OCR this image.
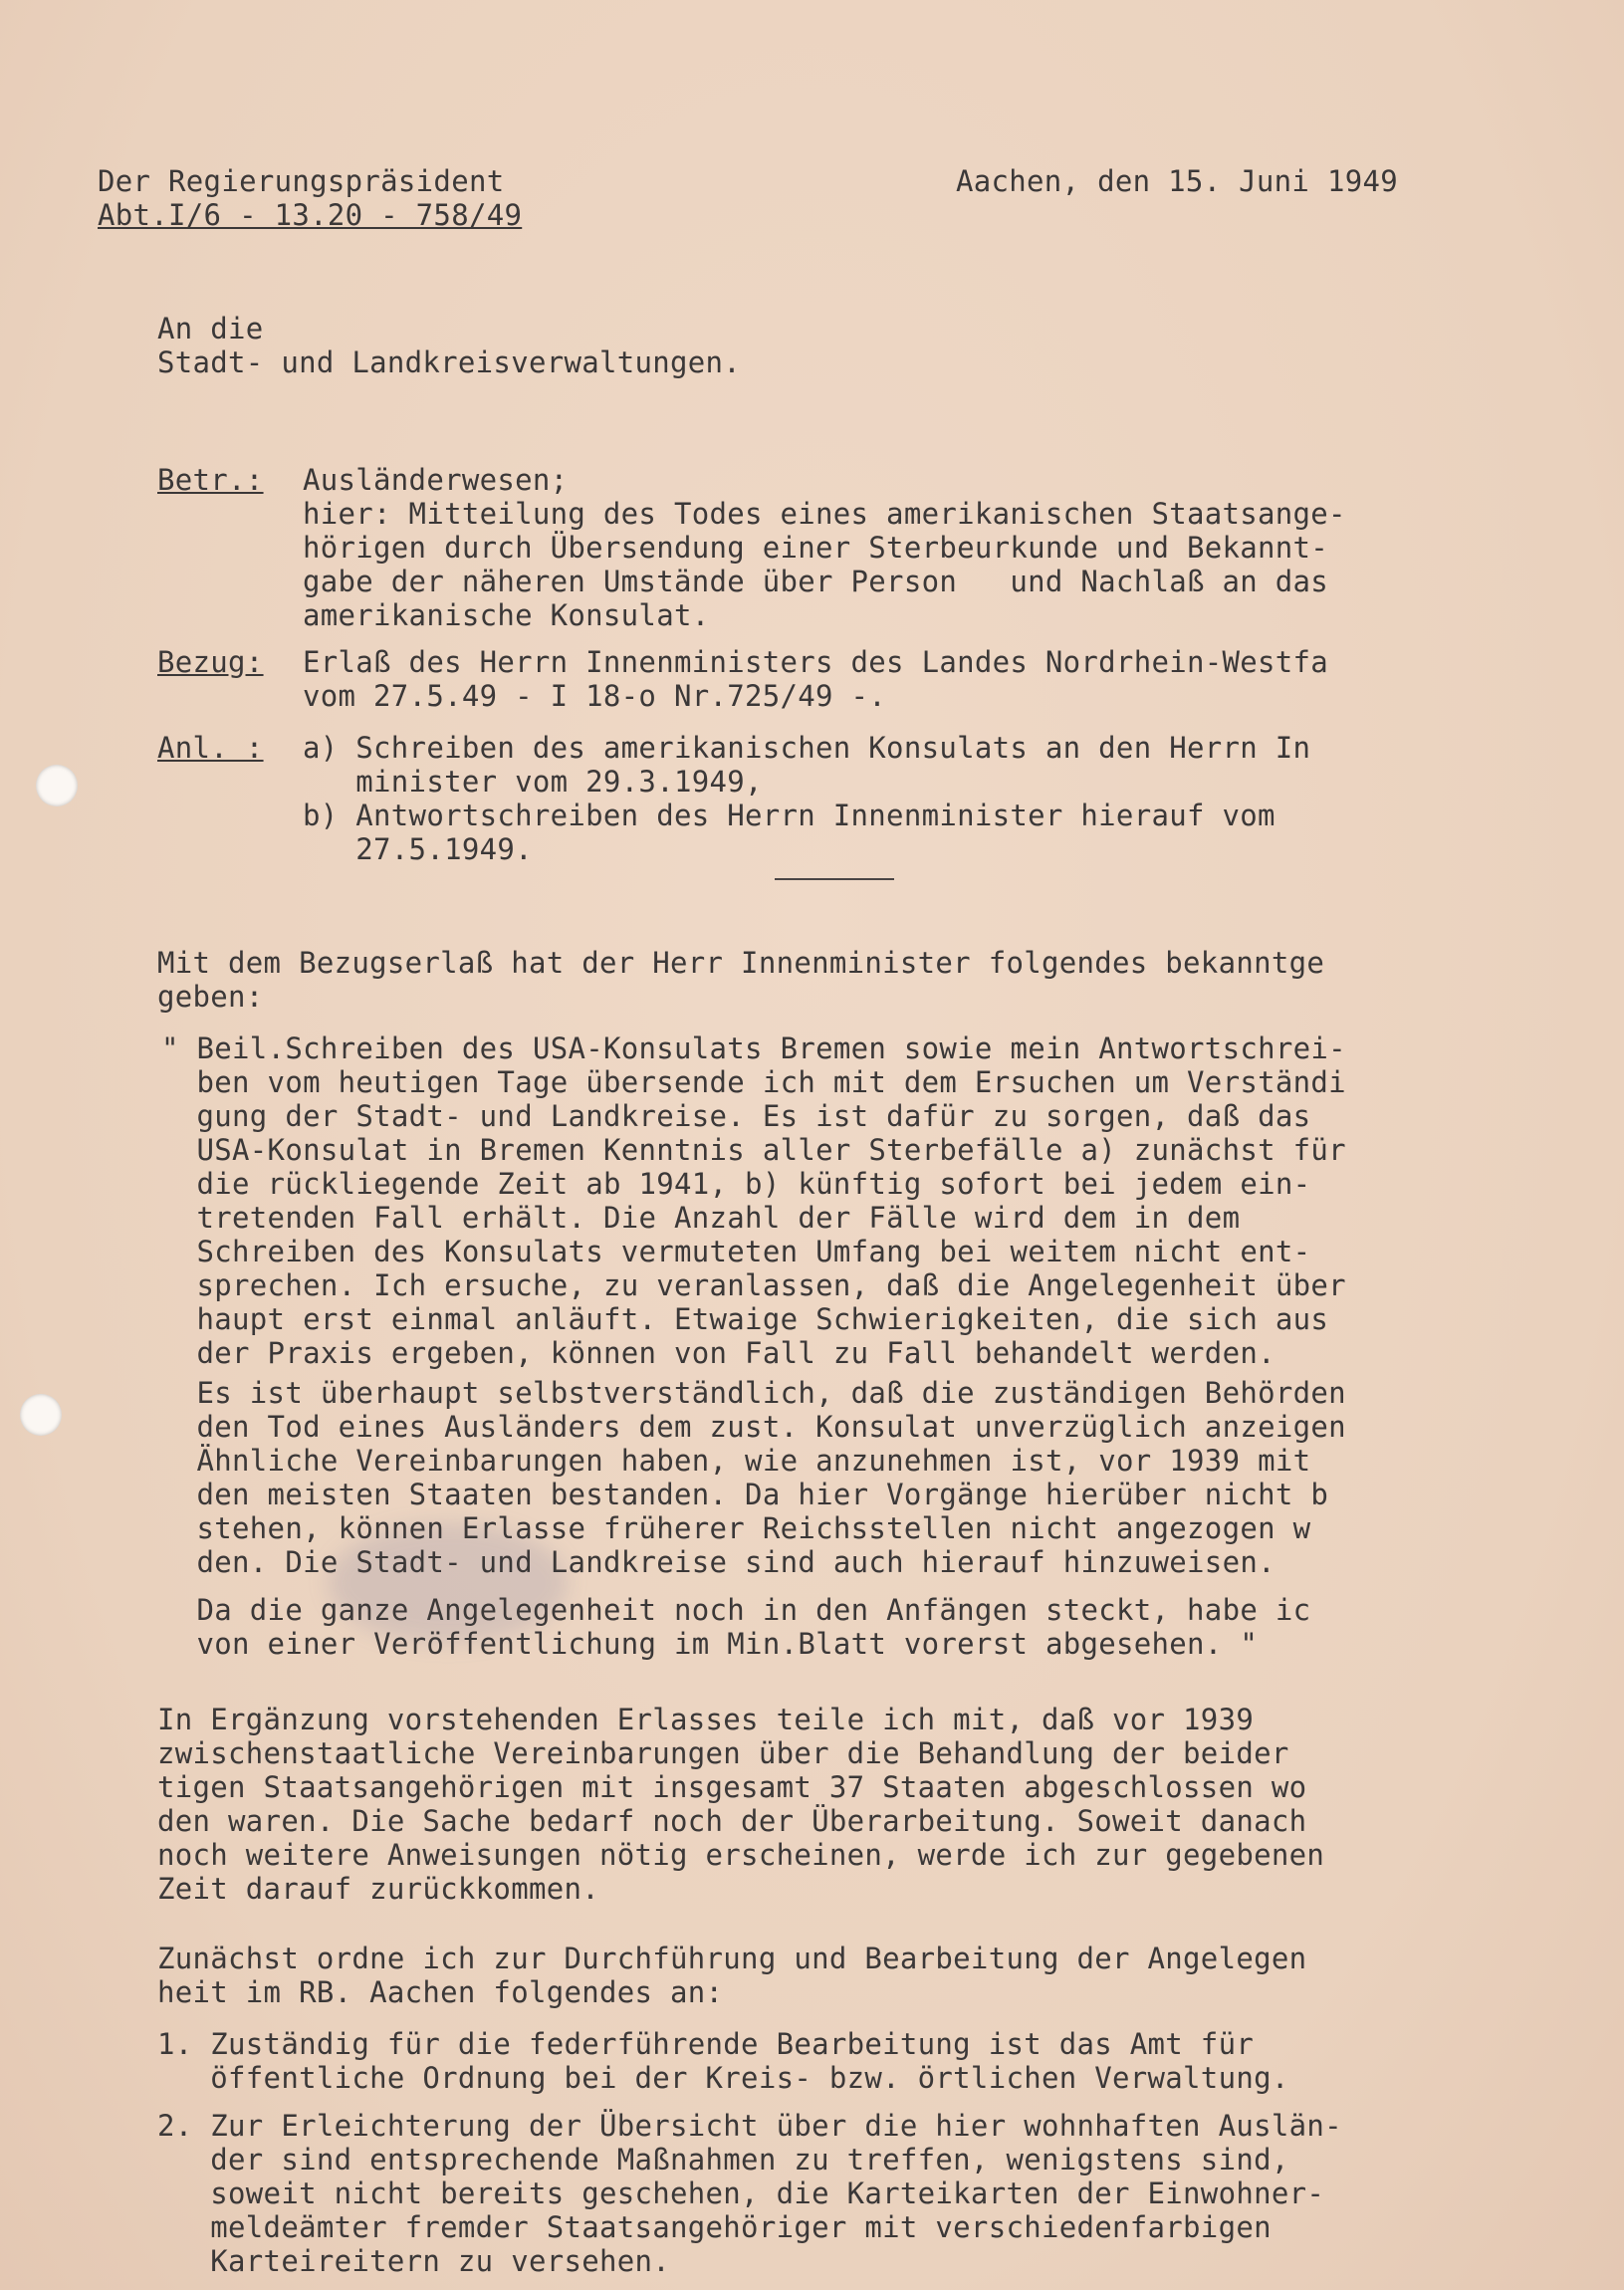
Der Regierungspräsident
Abt.I/6 - 13.20 - 758/49
Aachen, den 15. Juni 1949
An die
Stadt- und Landkreisverwaltungen.
Betr.: Ausländerwesen;
hier: Mitteilung des Todes eines amerikanischen Staatsange-
hörigen durch Übersendung einer Sterbeurkunde und Bekannt-
gabe der näheren Umstände über Person   und Nachlaß an das
amerikanische Konsulat.
Bezug: Erlaß des Herrn Innenministers des Landes Nordrhein-Westfa
vom 27.5.49 - I 18-o Nr.725/49 -.
Anl. : a) Schreiben des amerikanischen Konsulats an den Herrn In
minister vom 29.3.1949,
b) Antwortschreiben des Herrn Innenminister hierauf vom
27.5.1949.
Mit dem Bezugserlaß hat der Herr Innenminister folgendes bekanntge
geben:
" Beil.Schreiben des USA-Konsulats Bremen sowie mein Antwortschrei-
ben vom heutigen Tage übersende ich mit dem Ersuchen um Verständi
gung der Stadt- und Landkreise. Es ist dafür zu sorgen, daß das
USA-Konsulat in Bremen Kenntnis aller Sterbefälle a) zunächst für
die rückliegende Zeit ab 1941, b) künftig sofort bei jedem ein-
tretenden Fall erhält. Die Anzahl der Fälle wird dem in dem
Schreiben des Konsulats vermuteten Umfang bei weitem nicht ent-
sprechen. Ich ersuche, zu veranlassen, daß die Angelegenheit über
haupt erst einmal anläuft. Etwaige Schwierigkeiten, die sich aus
der Praxis ergeben, können von Fall zu Fall behandelt werden.
Es ist überhaupt selbstverständlich, daß die zuständigen Behörden
den Tod eines Ausländers dem zust. Konsulat unverzüglich anzeigen
Ähnliche Vereinbarungen haben, wie anzunehmen ist, vor 1939 mit
den meisten Staaten bestanden. Da hier Vorgänge hierüber nicht b
stehen, können Erlasse früherer Reichsstellen nicht angezogen w
den. Die Stadt- und Landkreise sind auch hierauf hinzuweisen.
Da die ganze Angelegenheit noch in den Anfängen steckt, habe ic
von einer Veröffentlichung im Min.Blatt vorerst abgesehen. "
In Ergänzung vorstehenden Erlasses teile ich mit, daß vor 1939
zwischenstaatliche Vereinbarungen über die Behandlung der beider
tigen Staatsangehörigen mit insgesamt 37 Staaten abgeschlossen wo
den waren. Die Sache bedarf noch der Überarbeitung. Soweit danach
noch weitere Anweisungen nötig erscheinen, werde ich zur gegebenen
Zeit darauf zurückkommen.
Zunächst ordne ich zur Durchführung und Bearbeitung der Angelegen
heit im RB. Aachen folgendes an:
1. Zuständig für die federführende Bearbeitung ist das Amt für
öffentliche Ordnung bei der Kreis- bzw. örtlichen Verwaltung.
2. Zur Erleichterung der Übersicht über die hier wohnhaften Auslän-
der sind entsprechende Maßnahmen zu treffen, wenigstens sind,
soweit nicht bereits geschehen, die Karteikarten der Einwohner-
meldeämter fremder Staatsangehöriger mit verschiedenfarbigen
Karteireitern zu versehen.
